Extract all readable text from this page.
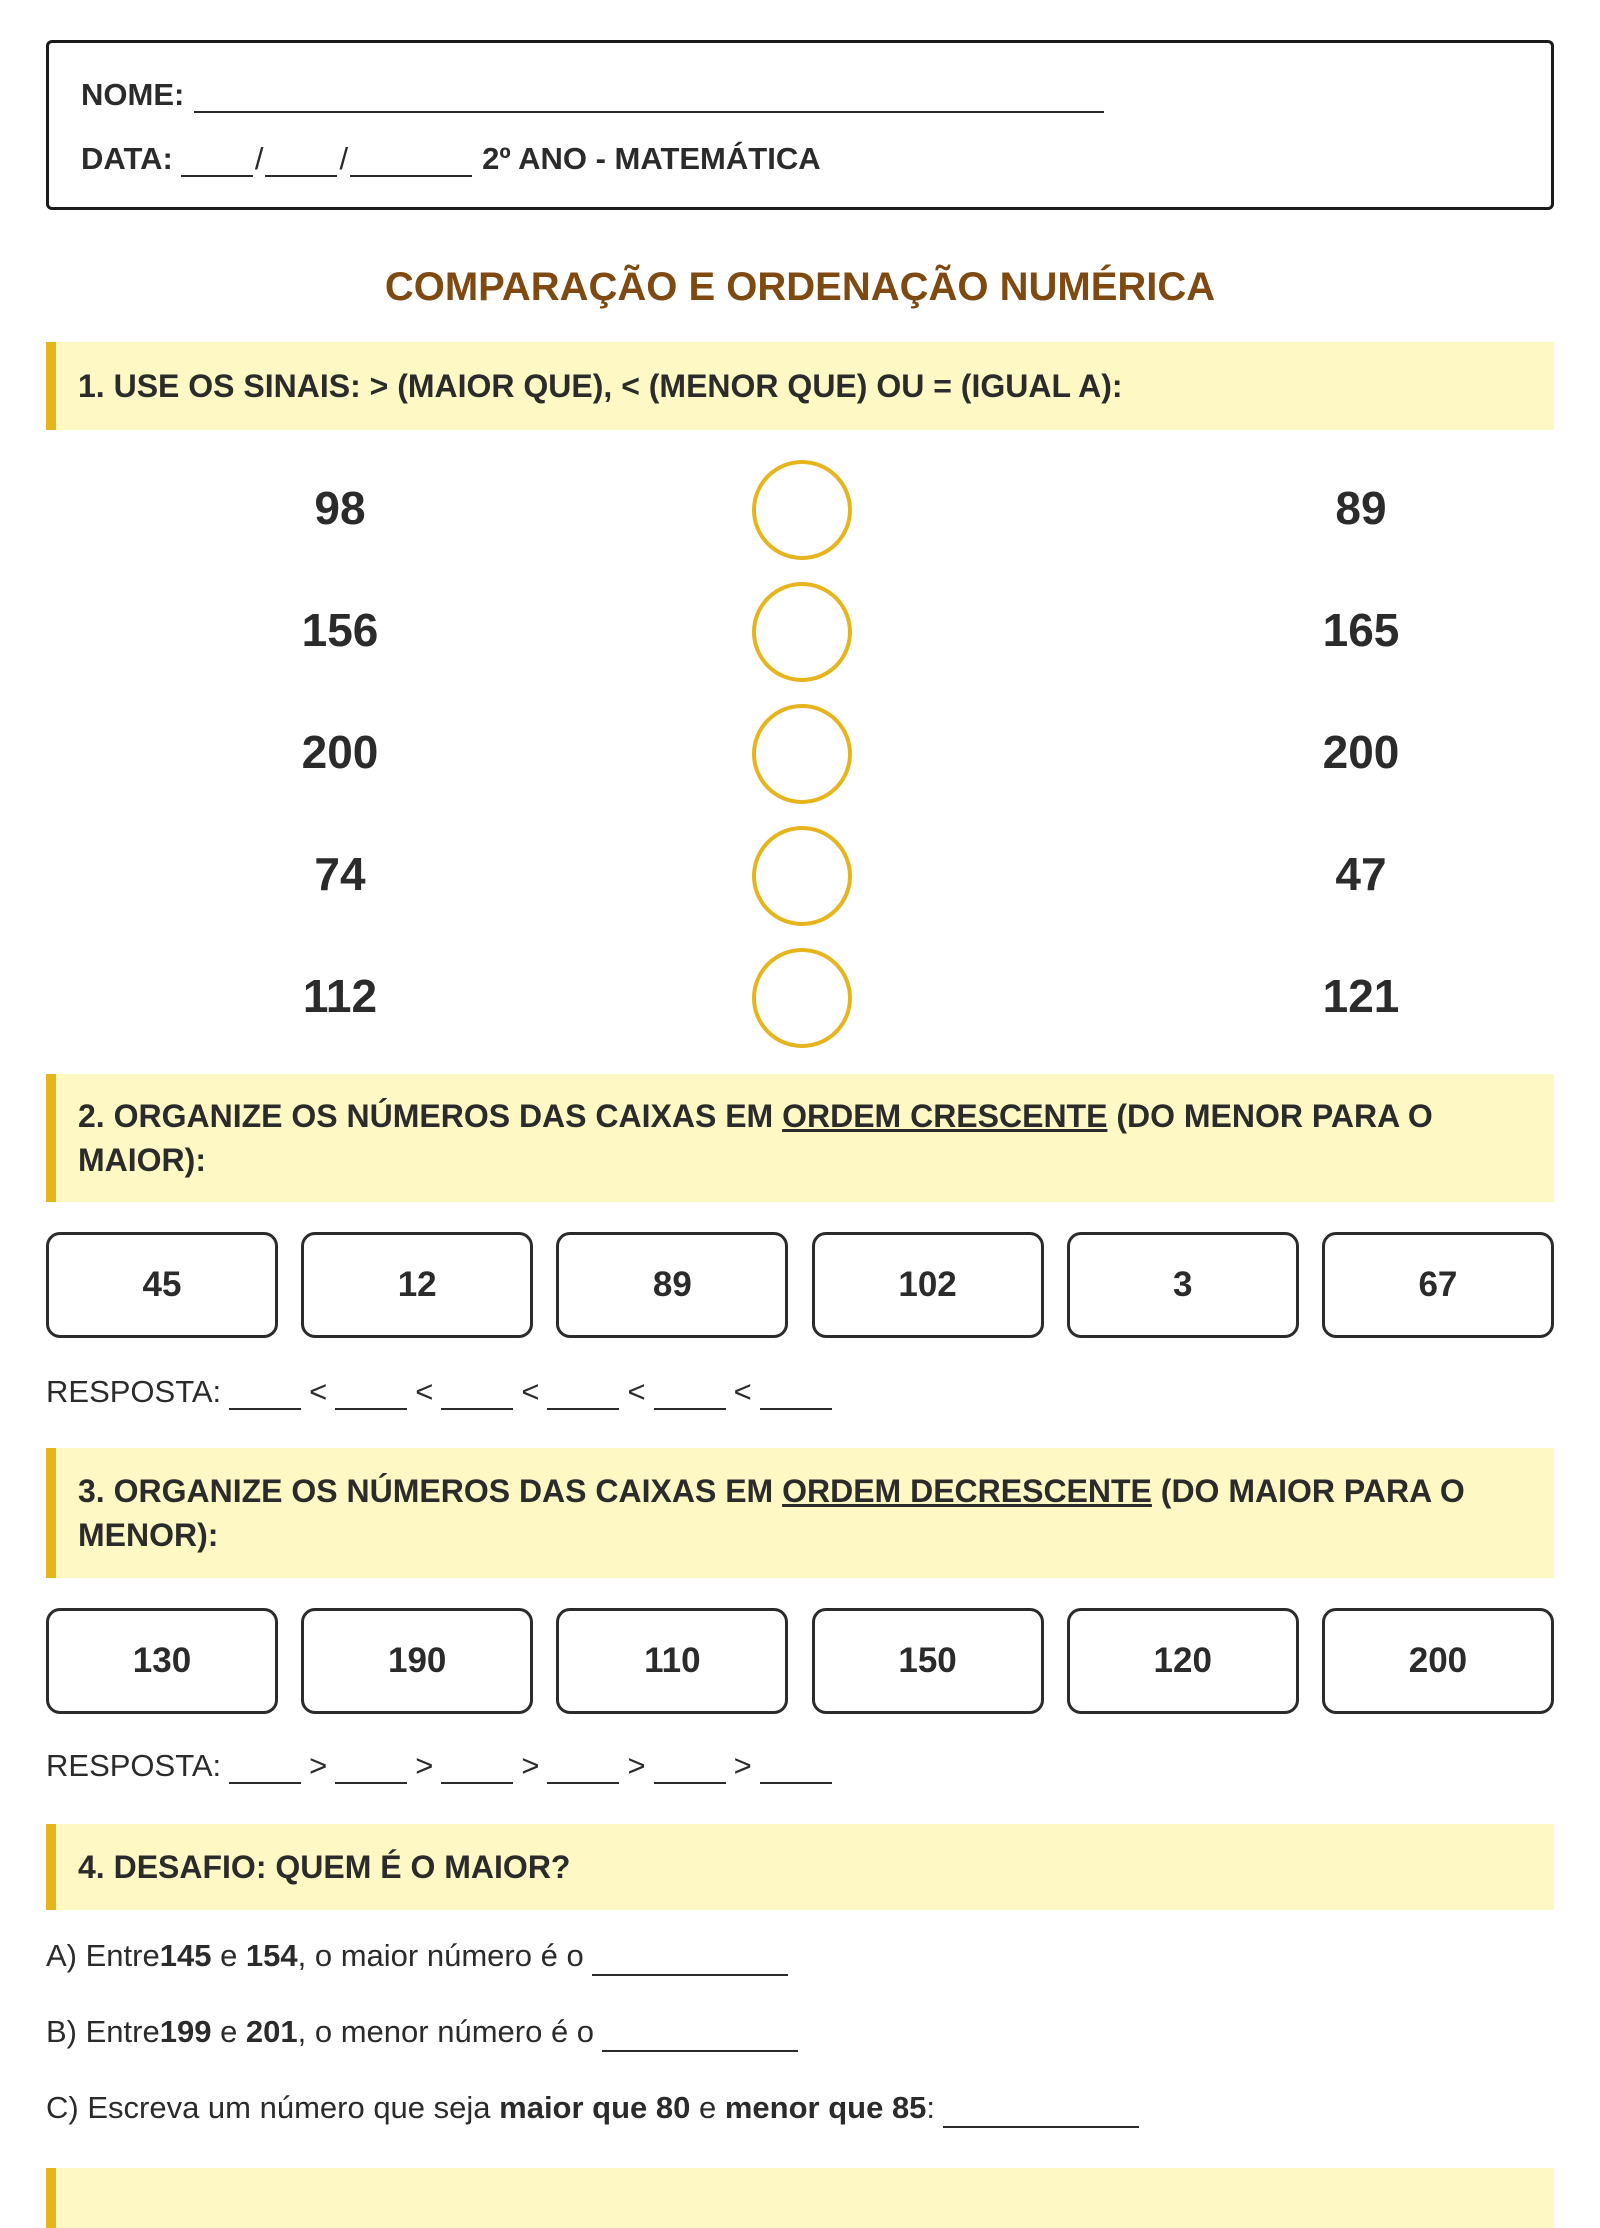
NOME:
DATA:	/ /	2º ANO - MATEMÁTICA
COMPARAÇÃO E ORDENAÇÃO NUMÉRICA
1. USE OS SINAIS: > (MAIOR QUE), < (MENOR QUE) OU = (IGUAL A):
98	89
156	165
200	200
74	47
112	121
2. ORGANIZE OS NÚMEROS DAS CAIXAS EM ORDEM CRESCENTE (DO MENOR PARA O MAIOR):
45	12	89	102	3	67
RESPOSTA:	<	<	<	<	<
3. ORGANIZE OS NÚMEROS DAS CAIXAS EM ORDEM DECRESCENTE (DO MAIOR PARA O MENOR):
130	190	110	150	120	200
RESPOSTA:	>	>	>	>	>
4. DESAFIO: QUEM É O MAIOR?
A) Entre 145 e 154 , o maior número é o
B) Entre 199 e 201 , o menor número é o
C) Escreva um número que seja maior que 80 e menor que 85 :
